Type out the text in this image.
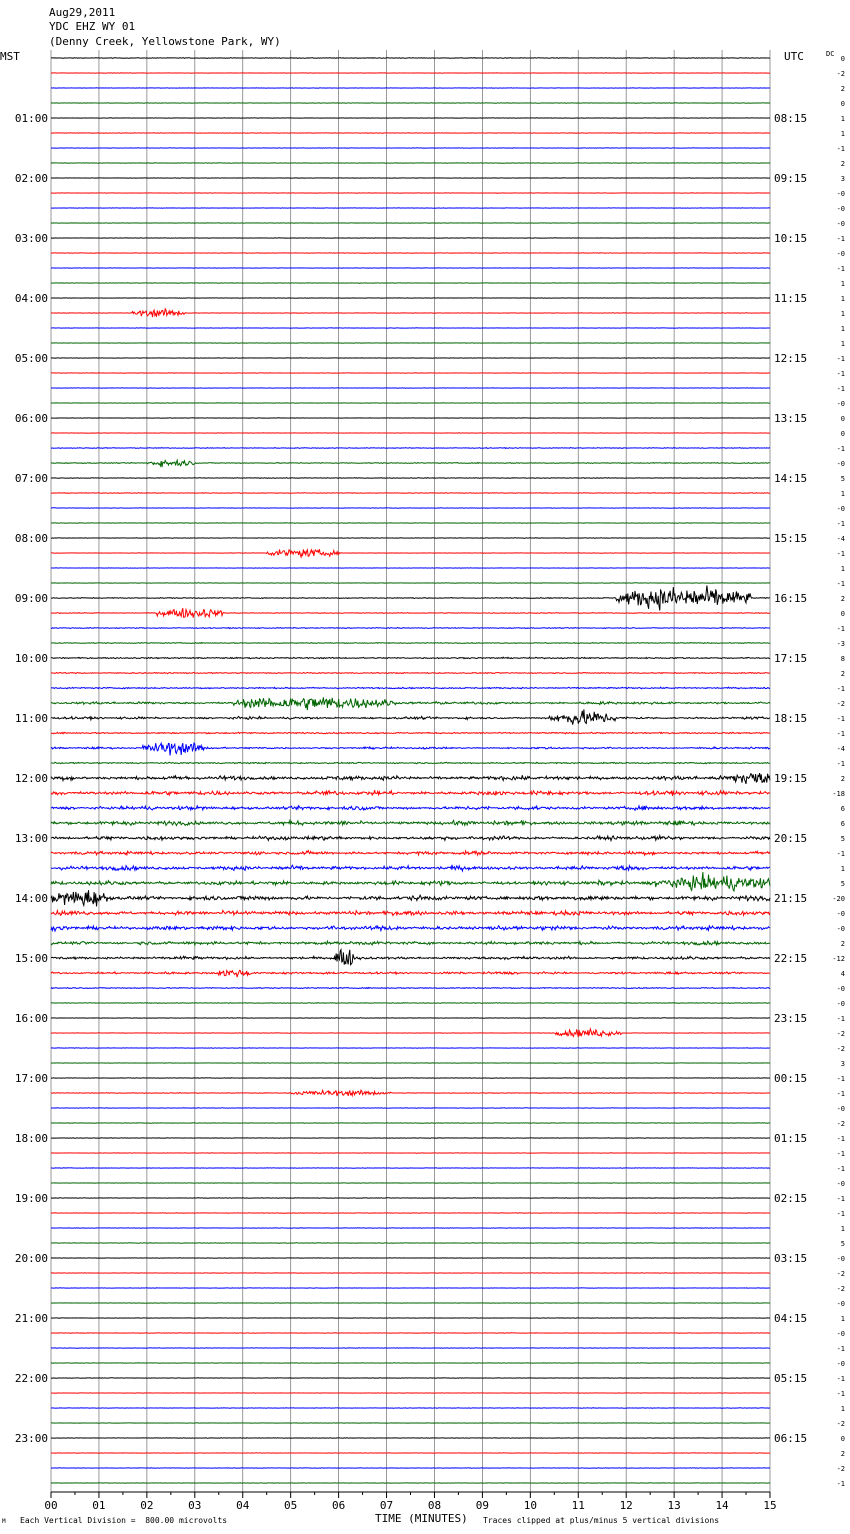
00	01	02	03	04	05	06	07	08	09	10	11	12	13	14	15
0
-2
2
0
1
1
-1
2
3
-0
-0
-0
-1
-0
-1
1
1
1
1
1
-1
-1
-1
-0
0
0
-1
-0
5
1
-0
-1
-4
-1
1
-1
2
0
-1
-3
8
2
-1
-2
-1
-1
-4
-1
2
-18
6
6
5
-1
1
5
-20
-0
-0
2
-12
4
-0
-0
-1
-2
-2
3
-1
-1
-0
-2
-1
-1
-1
-0
-1
-1
1
5
-0
-2
-2
-0
1
-0
-1
-0
-1
-1
1
-2
0
2
-2
-1
01:00
02:00
03:00
04:00
05:00
06:00
07:00
08:00
09:00
10:00
11:00
12:00
13:00
14:00
15:00
16:00
17:00
18:00
19:00
20:00
21:00
22:00
23:00
08:15
09:15
10:15
11:15
12:15
13:15
14:15
15:15
16:15
17:15
18:15
19:15
20:15
21:15
22:15
23:15
00:15
01:15
02:15
03:15
04:15
05:15
06:15
Aug29,2011
YDC EHZ WY 01
(Denny Creek, Yellowstone Park, WY)
MST	UTC	DC
TIME (MINUTES)
M Each Vertical Division =  800.00 microvolts	Traces clipped at plus/minus 5 vertical divisions
